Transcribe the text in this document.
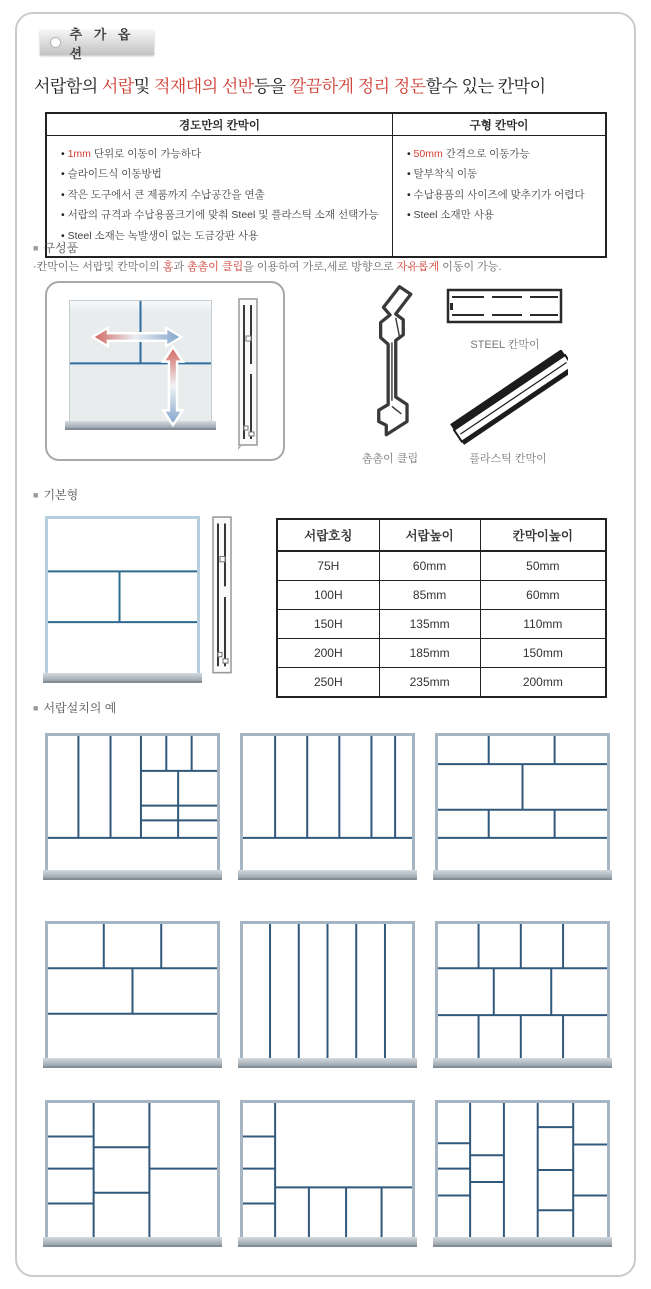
추 가 옵 션
서랍함의 서랍및 적재대의 선반등을 깔끔하게 정리 정돈할수 있는 칸막이
경도만의 칸막이	구형 칸막이
• 1mm 단위로 이동이 가능하다
• 슬라이드식 이동방법
• 작은 도구에서 큰 제품까지 수납공간을 연출
• 서랍의 규격과 수납용품크기에 맞춰 Steel 및 플라스틱 소재 선택가능
• Steel 소재는 녹발생이 없는 도금강판 사용
• 50mm 간격으로 이동가능
• 탈부착식 이동
• 수납용품의 사이즈에 맞추기가 어렵다
• Steel 소재만 사용
■ 구성품
·칸막이는 서랍및 칸막이의 홈과 촘촘이 클립을 이용하여 가로,세로 방향으로 자유롭게 이동이 가능.
촘촘이 클립
STEEL 칸막이
플라스틱 칸막이
■ 기본형
서랍호칭	서랍높이	칸막이높이
75H	60mm	50mm
100H	85mm	60mm
150H	135mm	110mm
200H	185mm	150mm
250H	235mm	200mm
■ 서랍설치의 예
